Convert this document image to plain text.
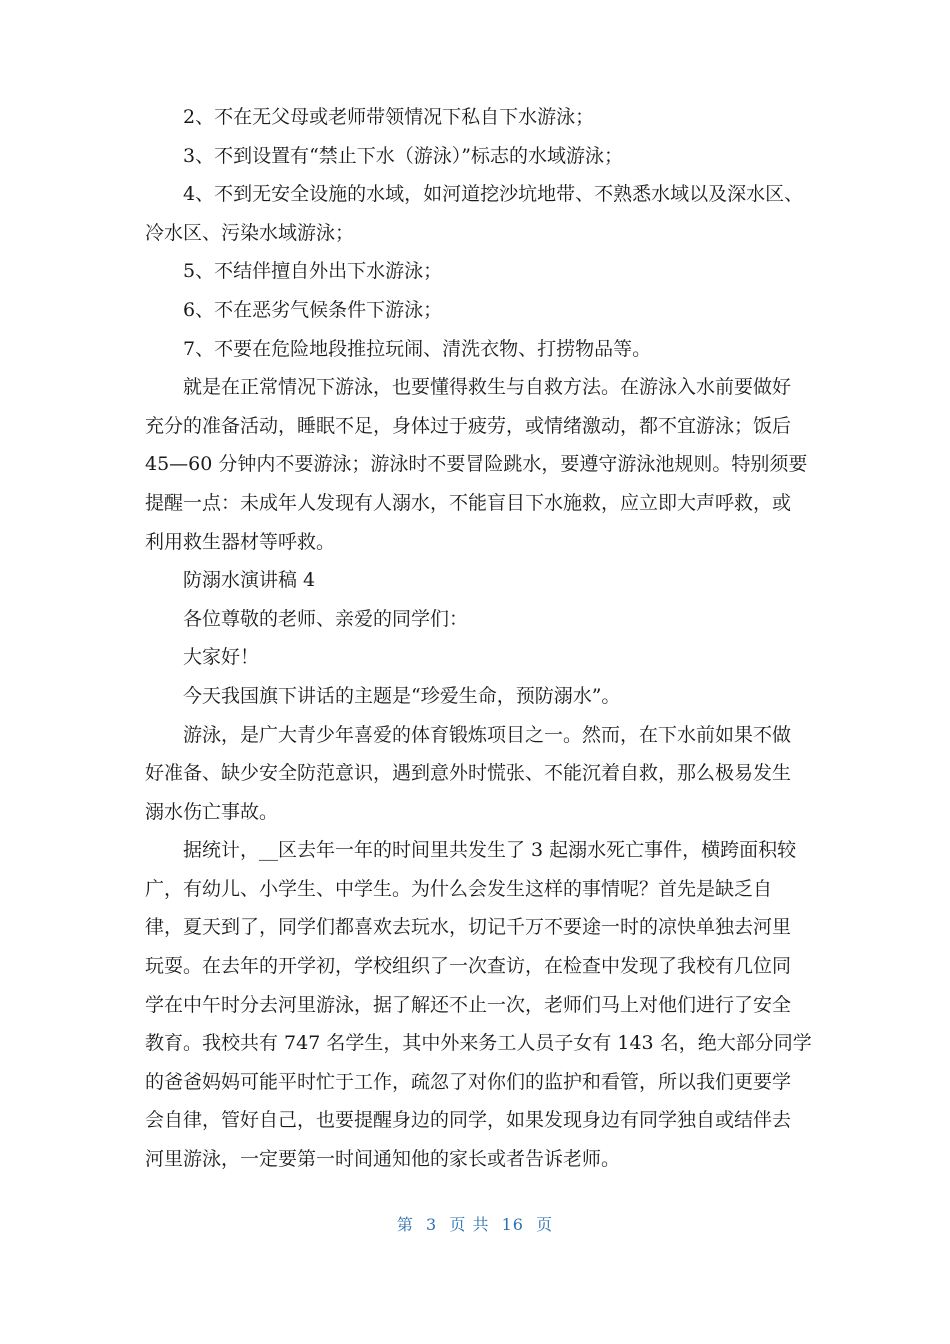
2、不在无父母或老师带领情况下私自下水游泳；

3、不到设置有“禁止下水（游泳）”标志的水域游泳；

4、不到无安全设施的水域，如河道挖沙坑地带、不熟悉水域以及深水区、
冷水区、污染水域游泳；

5、不结伴擅自外出下水游泳；

6、不在恶劣气候条件下游泳；

7、不要在危险地段推拉玩闹、清洗衣物、打捞物品等。

就是在正常情况下游泳，也要懂得救生与自救方法。在游泳入水前要做好
充分的准备活动，睡眠不足，身体过于疲劳，或情绪激动，都不宜游泳；饭后
45—60 分钟内不要游泳；游泳时不要冒险跳水，要遵守游泳池规则。特别须要
提醒一点：未成年人发现有人溺水，不能盲目下水施救，应立即大声呼救，或
利用救生器材等呼救。

防溺水演讲稿 4

各位尊敬的老师、亲爱的同学们：

大家好！

今天我国旗下讲话的主题是“珍爱生命，预防溺水”。

游泳，是广大青少年喜爱的体育锻炼项目之一。然而，在下水前如果不做
好准备、缺少安全防范意识，遇到意外时慌张、不能沉着自救，那么极易发生
溺水伤亡事故。

据统计，__区去年一年的时间里共发生了 3 起溺水死亡事件，横跨面积较
广，有幼儿、小学生、中学生。为什么会发生这样的事情呢？首先是缺乏自
律，夏天到了，同学们都喜欢去玩水，切记千万不要途一时的凉快单独去河里
玩耍。在去年的开学初，学校组织了一次查访，在检查中发现了我校有几位同
学在中午时分去河里游泳，据了解还不止一次，老师们马上对他们进行了安全
教育。我校共有 747 名学生，其中外来务工人员子女有 143 名，绝大部分同学
的爸爸妈妈可能平时忙于工作，疏忽了对你们的监护和看管，所以我们更要学
会自律，管好自己，也要提醒身边的同学，如果发现身边有同学独自或结伴去
河里游泳，一定要第一时间通知他的家长或者告诉老师。

第 3 页 共 16 页
